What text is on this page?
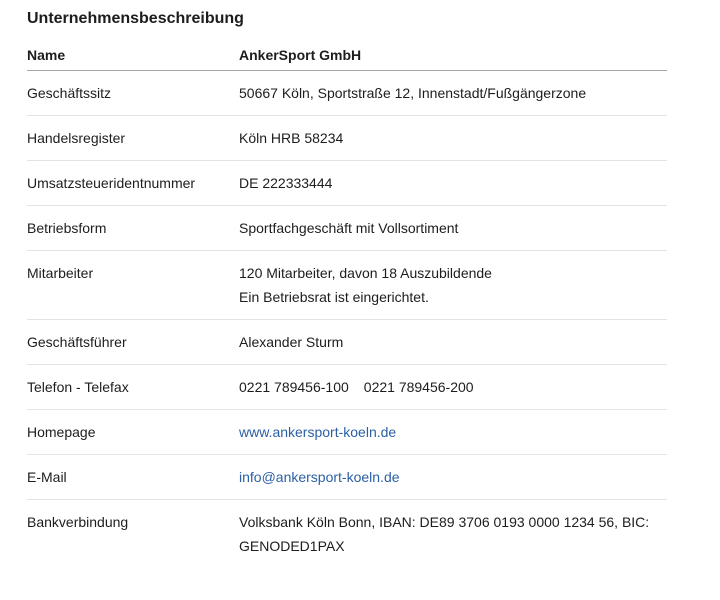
Unternehmensbeschreibung
Name	AnkerSport GmbH
Geschäftssitz	50667 Köln, Sportstraße 12, Innenstadt/Fußgängerzone
Handelsregister	Köln HRB 58234
Umsatzsteueridentnummer	DE 222333444
Betriebsform	Sportfachgeschäft mit Vollsortiment
Mitarbeiter	120 Mitarbeiter, davon 18 Auszubildende
Ein Betriebsrat ist eingerichtet.

Geschäftsführer	Alexander Sturm
Telefon - Telefax	0221 789456-100 0221 789456-200
Homepage	www.ankersport-koeln.de
E-Mail	info@ankersport-koeln.de
Bankverbindung	Volksbank Köln Bonn, IBAN: DE89 3706 0193 0000 1234 56, BIC:
GENODED1PAX
